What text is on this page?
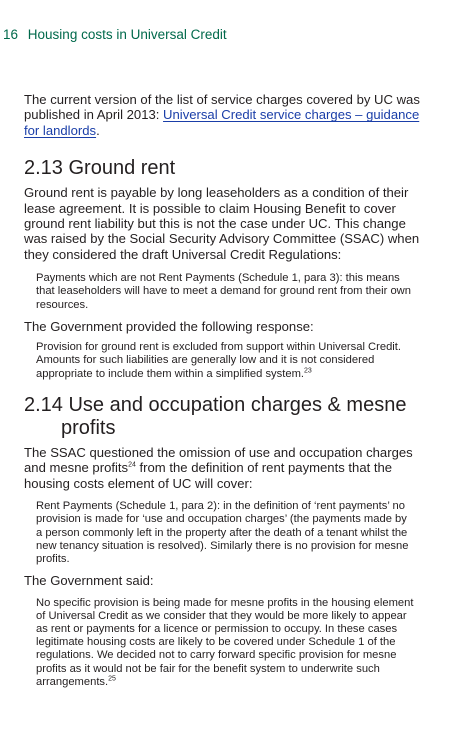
16 Housing costs in Universal Credit

The current version of the list of service charges covered by UC was published in April 2013: Universal Credit service charges – guidance for landlords.

2.13 Ground rent

Ground rent is payable by long leaseholders as a condition of their lease agreement. It is possible to claim Housing Benefit to cover ground rent liability but this is not the case under UC. This change was raised by the Social Security Advisory Committee (SSAC) when they considered the draft Universal Credit Regulations:

Payments which are not Rent Payments (Schedule 1, para 3): this means that leaseholders will have to meet a demand for ground rent from their own resources.

The Government provided the following response:

Provision for ground rent is excluded from support within Universal Credit. Amounts for such liabilities are generally low and it is not considered appropriate to include them within a simplified system.$^{23}$
2.14 Use and occupation charges & mesne
profits

The SSAC questioned the omission of use and occupation charges and mesne profits$^{24}$ from the definition of rent payments that the housing costs element of UC will cover:

Rent Payments (Schedule 1, para 2): in the definition of ‘rent payments’ no provision is made for ‘use and occupation charges’ (the payments made by a person commonly left in the property after the death of a tenant whilst the new tenancy situation is resolved). Similarly there is no provision for mesne profits.

The Government said:

No specific provision is being made for mesne profits in the housing element of Universal Credit as we consider that they would be more likely to appear as rent or payments for a licence or permission to occupy. In these cases legitimate housing costs are likely to be covered under Schedule 1 of the regulations. We decided not to carry forward specific provision for mesne profits as it would not be fair for the benefit system to underwrite such arrangements.$^{25}$
